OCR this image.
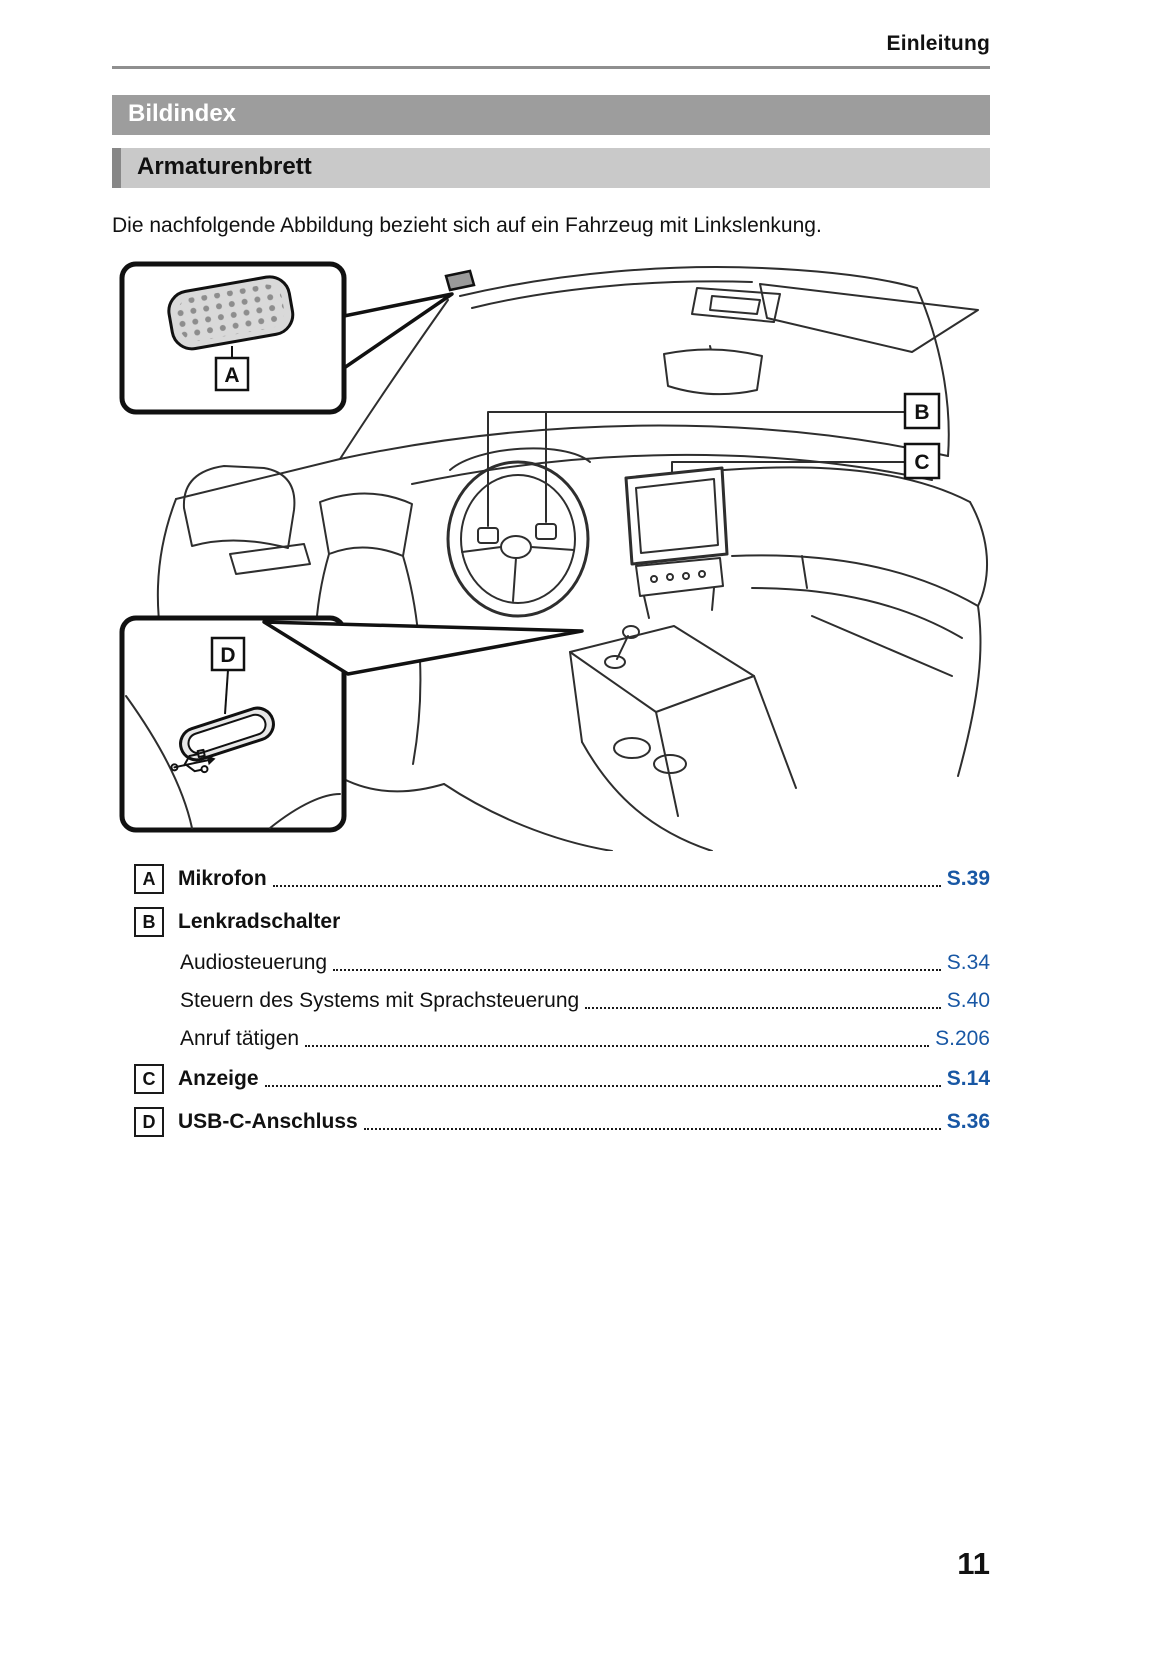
Einleitung
Bildindex
Armaturenbrett

Die nachfolgende Abbildung bezieht sich auf ein Fahrzeug mit Linkslenkung.

B
C
A
D
A Mikrofon	S.39
B Lenkradschalter
Audiosteuerung	S.34
Steuern des Systems mit Sprachsteuerung	S.40
Anruf tätigen	S.206
C Anzeige	S.14
D USB-C-Anschluss	S.36
11
